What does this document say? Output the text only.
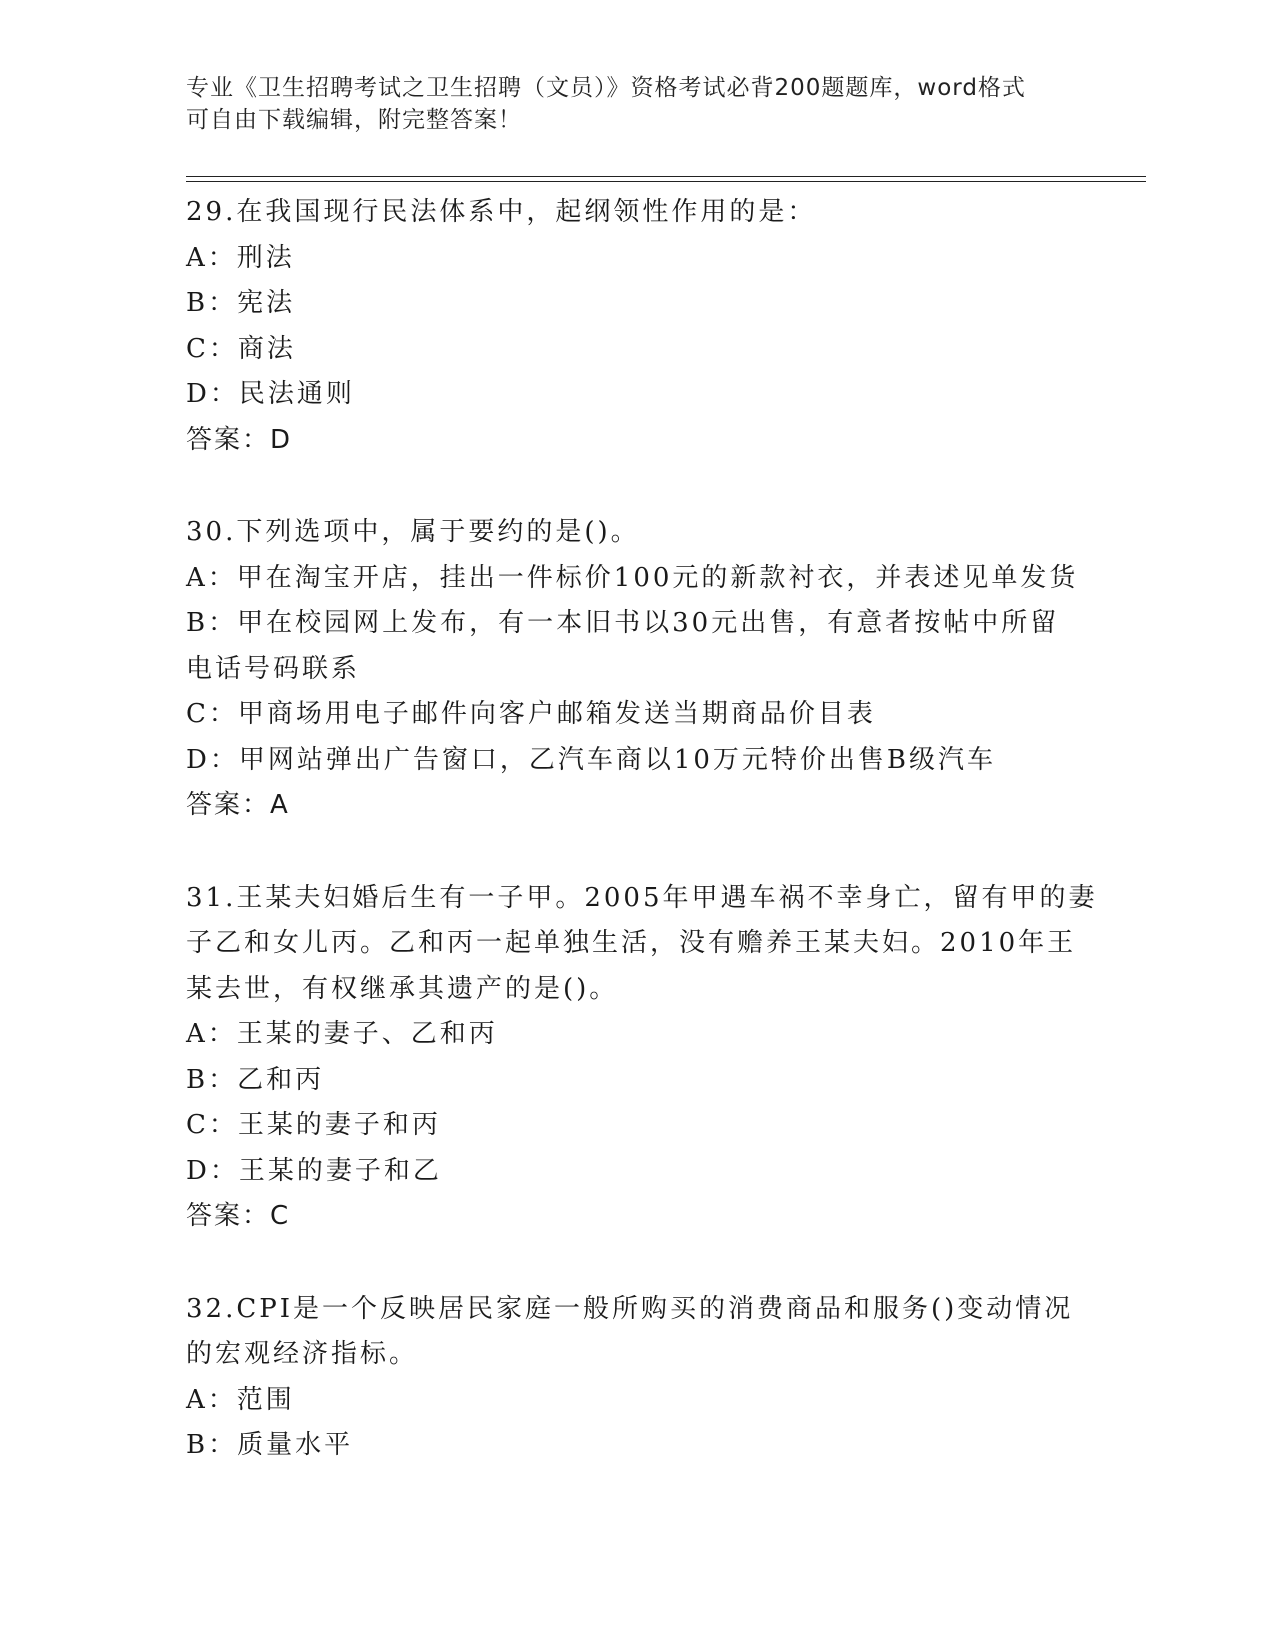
专业《卫生招聘考试之卫生招聘（文员）》资格考试必背200题题库，word格式
可自由下载编辑，附完整答案！
29.在我国现行民法体系中，起纲领性作用的是：
A：刑法
B：宪法
C：商法
D：民法通则
答案：D
30.下列选项中，属于要约的是()。
A：甲在淘宝开店，挂出一件标价100元的新款衬衣，并表述见单发货
B：甲在校园网上发布，有一本旧书以30元出售，有意者按帖中所留
电话号码联系
C：甲商场用电子邮件向客户邮箱发送当期商品价目表
D：甲网站弹出广告窗口，乙汽车商以10万元特价出售B级汽车
答案：A
31.王某夫妇婚后生有一子甲。2005年甲遇车祸不幸身亡，留有甲的妻
子乙和女儿丙。乙和丙一起单独生活，没有赡养王某夫妇。2010年王
某去世，有权继承其遗产的是()。
A：王某的妻子、乙和丙
B：乙和丙
C：王某的妻子和丙
D：王某的妻子和乙
答案：C
32.CPI是一个反映居民家庭一般所购买的消费商品和服务()变动情况
的宏观经济指标。
A：范围
B：质量水平
